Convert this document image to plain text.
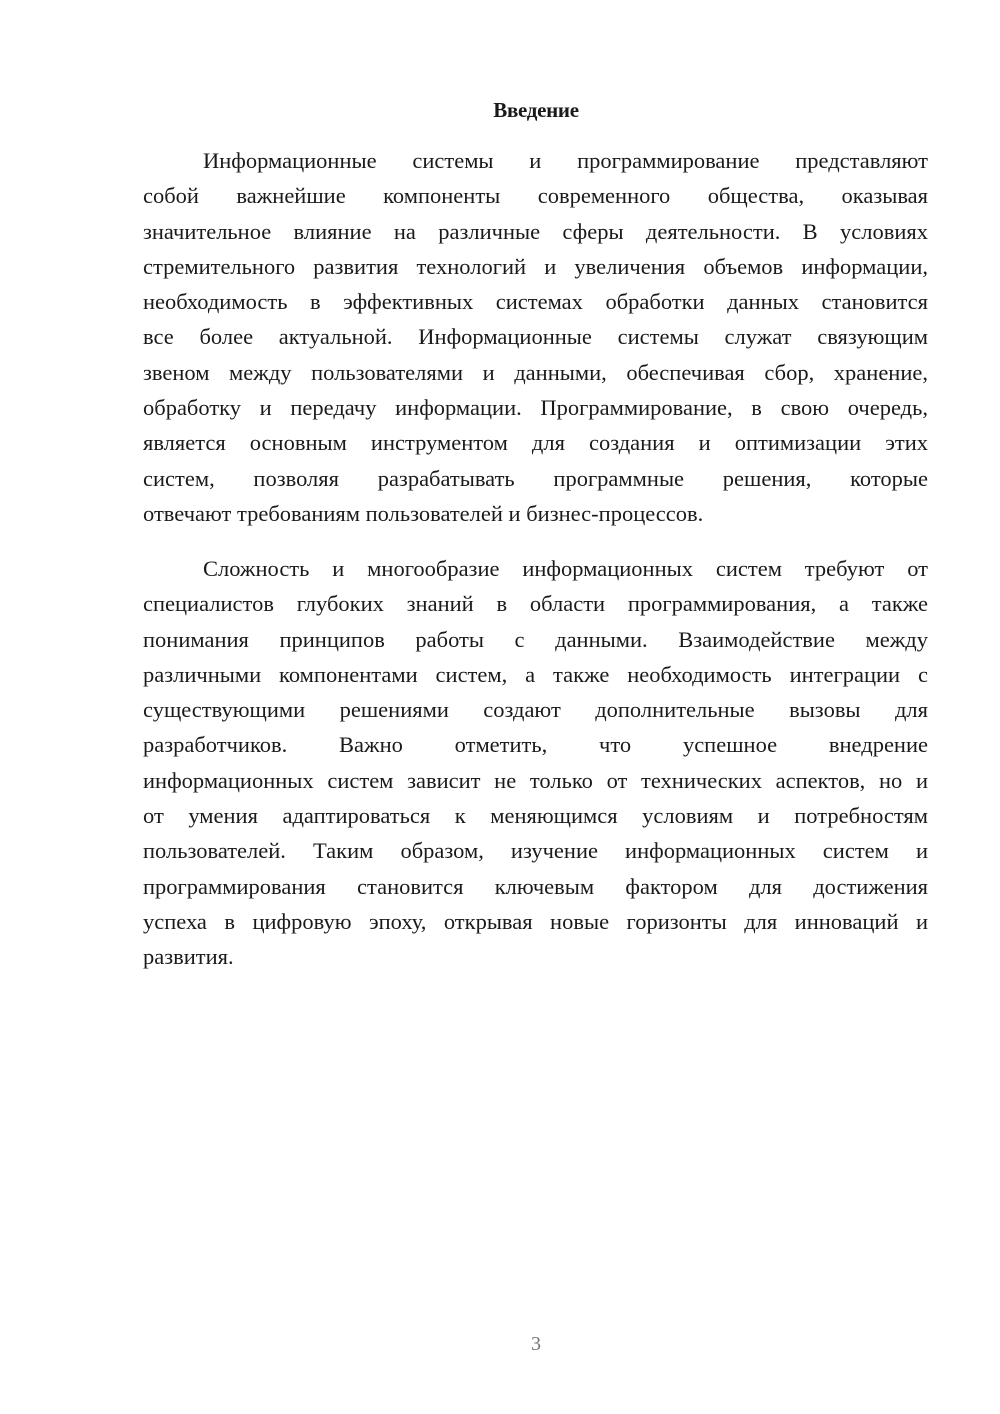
Введение
Информационные системы и программирование представляют
собой важнейшие компоненты современного общества, оказывая
значительное влияние на различные сферы деятельности. В условиях
стремительного развития технологий и увеличения объемов информации,
необходимость в эффективных системах обработки данных становится
все более актуальной. Информационные системы служат связующим
звеном между пользователями и данными, обеспечивая сбор, хранение,
обработку и передачу информации. Программирование, в свою очередь,
является основным инструментом для создания и оптимизации этих
систем, позволяя разрабатывать программные решения, которые
отвечают требованиям пользователей и бизнес-процессов.
Сложность и многообразие информационных систем требуют от
специалистов глубоких знаний в области программирования, а также
понимания принципов работы с данными. Взаимодействие между
различными компонентами систем, а также необходимость интеграции с
существующими решениями создают дополнительные вызовы для
разработчиков. Важно отметить, что успешное внедрение
информационных систем зависит не только от технических аспектов, но и
от умения адаптироваться к меняющимся условиям и потребностям
пользователей. Таким образом, изучение информационных систем и
программирования становится ключевым фактором для достижения
успеха в цифровую эпоху, открывая новые горизонты для инноваций и
развития.
3
